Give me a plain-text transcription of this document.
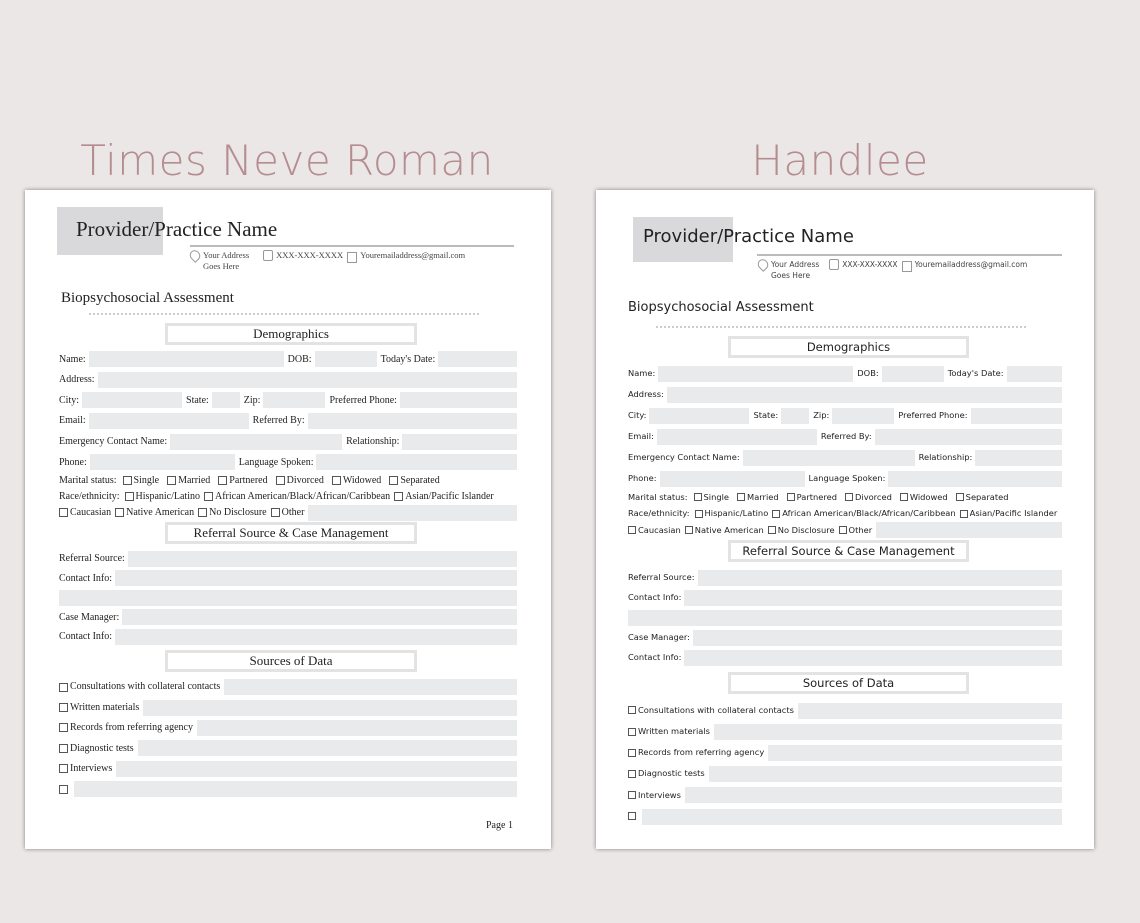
Times Neve Roman	Handlee
Provider/Practice Name
Your Address
Goes Here
XXX-XXX-XXXX	Youremailaddress@gmail.com
Biopsychosocial Assessment
Demographics
Referral Source & Case Management
Sources of Data
Name:	DOB:	Today's Date:
Address:
City:	State:	Zip:	Preferred Phone:
Email:	Referred By:
Emergency Contact Name:	Relationship:
Phone:	Language Spoken:
Marital status:	Single	Married	Partnered	Divorced	Widowed	Separated
Race/ethnicity:	Hispanic/Latino	African American/Black/African/Caribbean	Asian/Pacific Islander
Caucasian	Native American	No Disclosure	Other
Referral Source:
Contact Info:
Case Manager:
Contact Info:
Consultations with collateral contacts
Written materials
Records from referring agency
Diagnostic tests
Interviews
Page 1
Provider/Practice Name
Your Address
Goes Here
XXX-XXX-XXXX	Youremailaddress@gmail.com
Biopsychosocial Assessment
Demographics
Referral Source & Case Management
Sources of Data
Name:	DOB:	Today's Date:
Address:
City:	State:	Zip:	Preferred Phone:
Email:	Referred By:
Emergency Contact Name:	Relationship:
Phone:	Language Spoken:
Marital status:	Single	Married	Partnered	Divorced	Widowed	Separated
Race/ethnicity:	Hispanic/Latino	African American/Black/African/Caribbean	Asian/Pacific Islander
Caucasian	Native American	No Disclosure	Other
Referral Source:
Contact Info:
Case Manager:
Contact Info:
Consultations with collateral contacts
Written materials
Records from referring agency
Diagnostic tests
Interviews
